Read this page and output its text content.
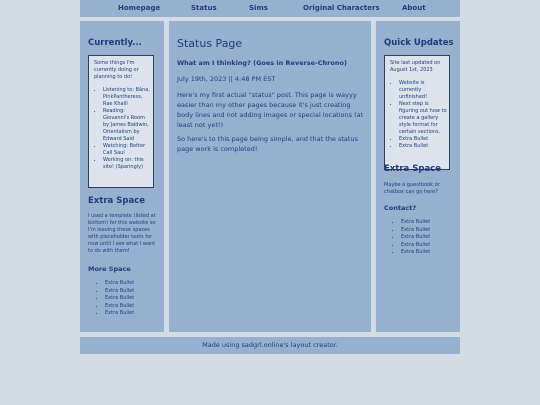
Homepage	Status	Sims	Original Characters	About
Currently...

Some things I'm currently doing or planning to do!

• Listening to: Bǎna, PinkPantheress, Rae Khalil
• Reading: Giovanni's Room by James Baldwin, Orientalism by Edward Said
• Watching: Better Call Saul
• Working on: this site! (Sparingly)
Extra Space
I used a template (listed at bottom) for this website so I'm leaving these spaces with placeholder texts for now until I see what I want to do with them!
More Space
• Extra Bullet
• Extra Bullet
• Extra Bullet
• Extra Bullet
• Extra Bullet
Status Page
What am I thinking? (Goes in Reverse-Chrono)
July 19th, 2023 || 4:48 PM EST
Here's my first actual "status" post. This page is wayyy easier than my other pages because it's just creating body lines and not adding images or special locations (at least not yet!)
So here's to this page being simple, and that the status page work is completed!
Quick Updates

Site last updated on August 1st, 2023

• Website is currently unfinished!
• Next step is figuring out how to create a gallery style format for certain sections.
• Extra Bullet
• Extra Bullet
Extra Space
Maybe a guestbook or chatbox can go here?
Contact?
• Extra Bullet
• Extra Bullet
• Extra Bullet
• Extra Bullet
• Extra Bullet
Made using sadgrl.online's layout creator.
